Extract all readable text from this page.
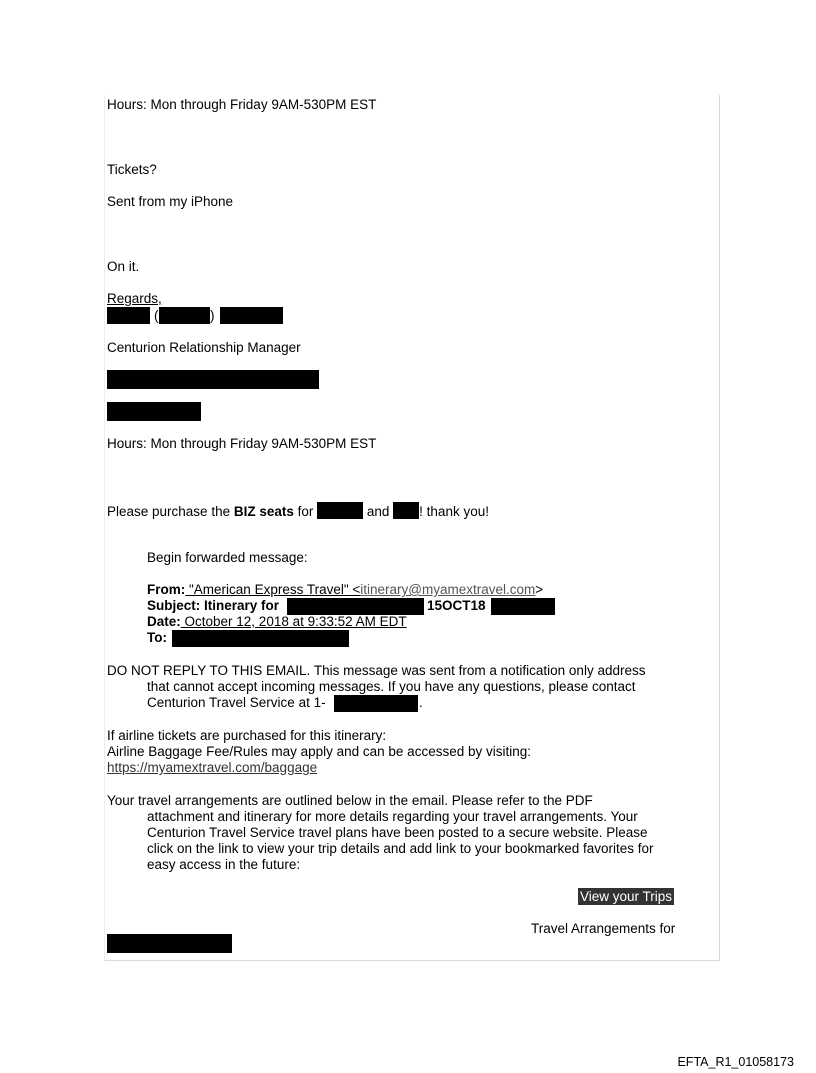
Hours: Mon through Friday 9AM-530PM EST
Tickets?
Sent from my iPhone
On it.
Regards,
(	)
Centurion Relationship Manager
Hours: Mon through Friday 9AM-530PM EST
Please purchase the BIZ seats for	and ! thank you!
Begin forwarded message:
From: "American Express Travel" <itinerary@myamextravel.com>
Subject: Itinerary for	15OCT18
Date: October 12, 2018 at 9:33:52 AM EDT
To:
DO NOT REPLY TO THIS EMAIL. This message was sent from a notification only address
that cannot accept incoming messages. If you have any questions, please contact
Centurion Travel Service at 1-	.
If airline tickets are purchased for this itinerary:
Airline Baggage Fee/Rules may apply and can be accessed by visiting:
https://myamextravel.com/baggage
Your travel arrangements are outlined below in the email. Please refer to the PDF
attachment and itinerary for more details regarding your travel arrangements. Your
Centurion Travel Service travel plans have been posted to a secure website. Please
click on the link to view your trip details and add link to your bookmarked favorites for
easy access in the future:
View your Trips
Travel Arrangements for
EFTA_R1_01058173
